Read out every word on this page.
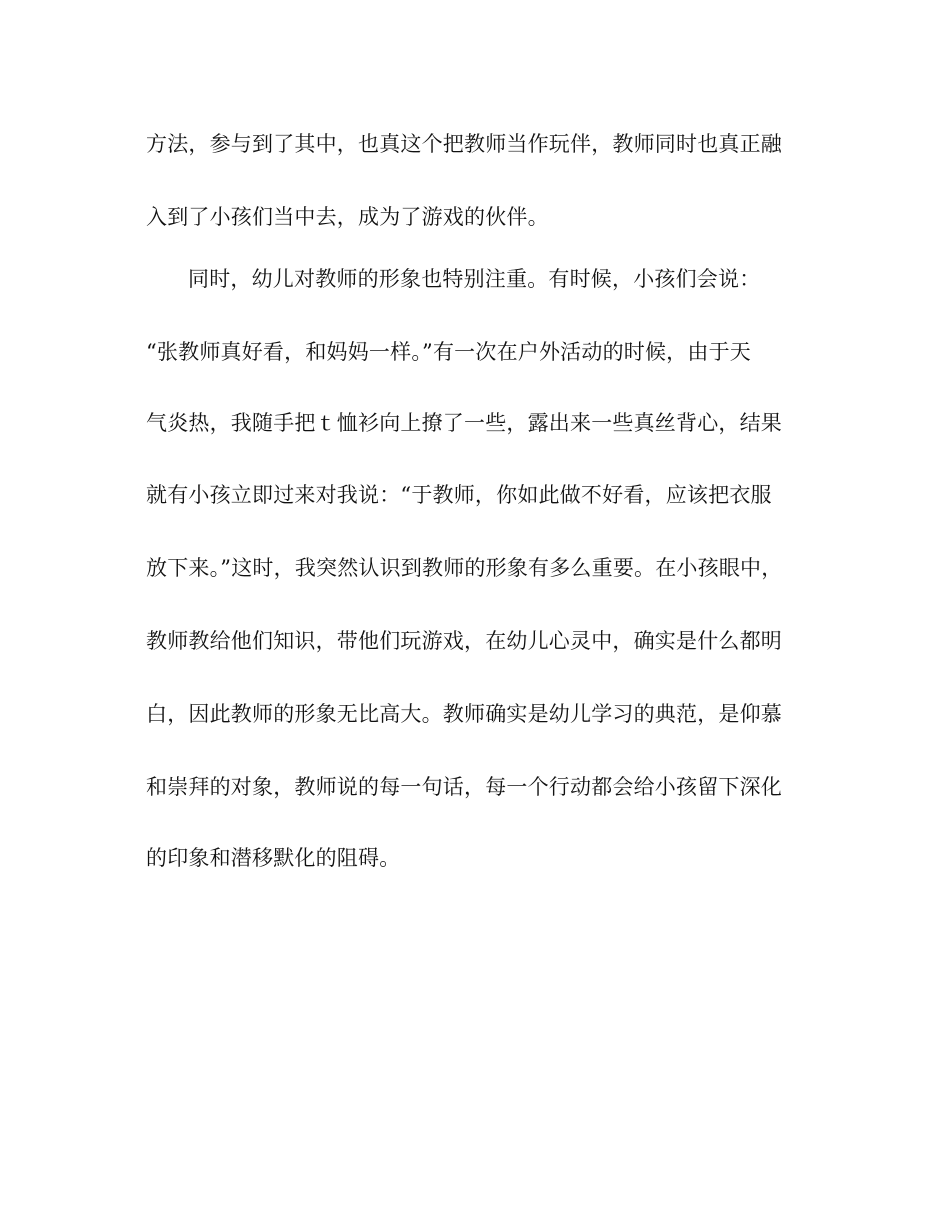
方法，参与到了其中，也真这个把教师当作玩伴，教师同时也真正融
入到了小孩们当中去，成为了游戏的伙伴。
同时，幼儿对教师的形象也特别注重。有时候，小孩们会说：
“张教师真好看，和妈妈一样。”有一次在户外活动的时候，由于天
气炎热，我随手把ｔ恤衫向上撩了一些，露出来一些真丝背心，结果
就有小孩立即过来对我说：“于教师，你如此做不好看，应该把衣服
放下来。”这时，我突然认识到教师的形象有多么重要。在小孩眼中，
教师教给他们知识，带他们玩游戏，在幼儿心灵中，确实是什么都明
白，因此教师的形象无比高大。教师确实是幼儿学习的典范，是仰慕
和崇拜的对象，教师说的每一句话，每一个行动都会给小孩留下深化
的印象和潜移默化的阻碍。
